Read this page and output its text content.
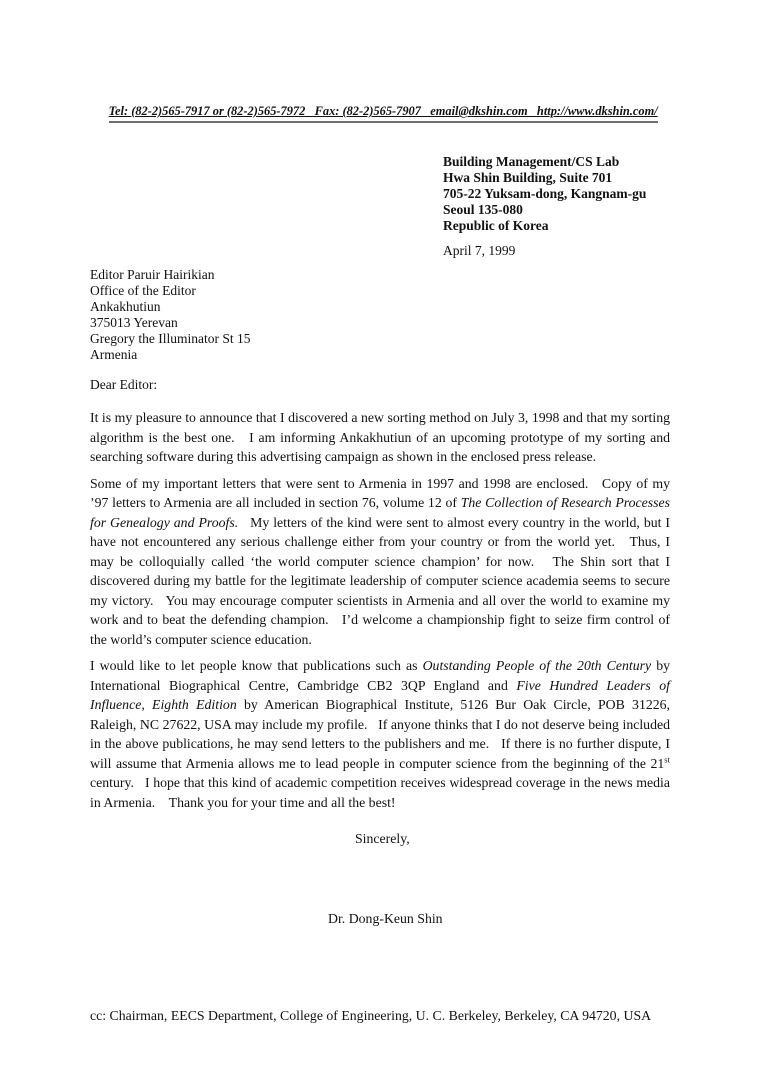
Tel: (82-2)565-7917 or (82-2)565-7972   Fax: (82-2)565-7907   email@dkshin.com   http://www.dkshin.com/

Building Management/CS Lab
Hwa Shin Building, Suite 701
705-22 Yuksam-dong, Kangnam-gu
Seoul 135-080
Republic of Korea
April 7, 1999
Editor Paruir Hairikian
Office of the Editor
Ankakhutiun
375013 Yerevan
Gregory the Illuminator St 15
Armenia
Dear Editor:

It is my pleasure to announce that I discovered a new sorting method on July 3, 1998 and that my sorting algorithm is the best one.   I am informing Ankakhutiun of an upcoming prototype of my sorting and searching software during this advertising campaign as shown in the enclosed press release.

Some of my important letters that were sent to Armenia in 1997 and 1998 are enclosed.   Copy of my ’97 letters to Armenia are all included in section 76, volume 12 of The Collection of Research Processes for Genealogy and Proofs.   My letters of the kind were sent to almost every country in the world, but I have not encountered any serious challenge either from your country or from the world yet.   Thus, I may be colloquially called ‘the world computer science champion’ for now.   The Shin sort that I discovered during my battle for the legitimate leadership of computer science academia seems to secure my victory.   You may encourage computer scientists in Armenia and all over the world to examine my work and to beat the defending champion.   I’d welcome a championship fight to seize firm control of the world’s computer science education.

I would like to let people know that publications such as Outstanding People of the 20th Century by International Biographical Centre, Cambridge CB2 3QP England and Five Hundred Leaders of Influence, Eighth Edition by American Biographical Institute, 5126 Bur Oak Circle, POB 31226, Raleigh, NC 27622, USA may include my profile.   If anyone thinks that I do not deserve being included in the above publications, he may send letters to the publishers and me.   If there is no further dispute, I will assume that Armenia allows me to lead people in computer science from the beginning of the 21st century.   I hope that this kind of academic competition receives widespread coverage in the news media in Armenia.    Thank you for your time and all the best!

Sincerely,
Dr. Dong-Keun Shin
cc: Chairman, EECS Department, College of Engineering, U. C. Berkeley, Berkeley, CA 94720, USA
